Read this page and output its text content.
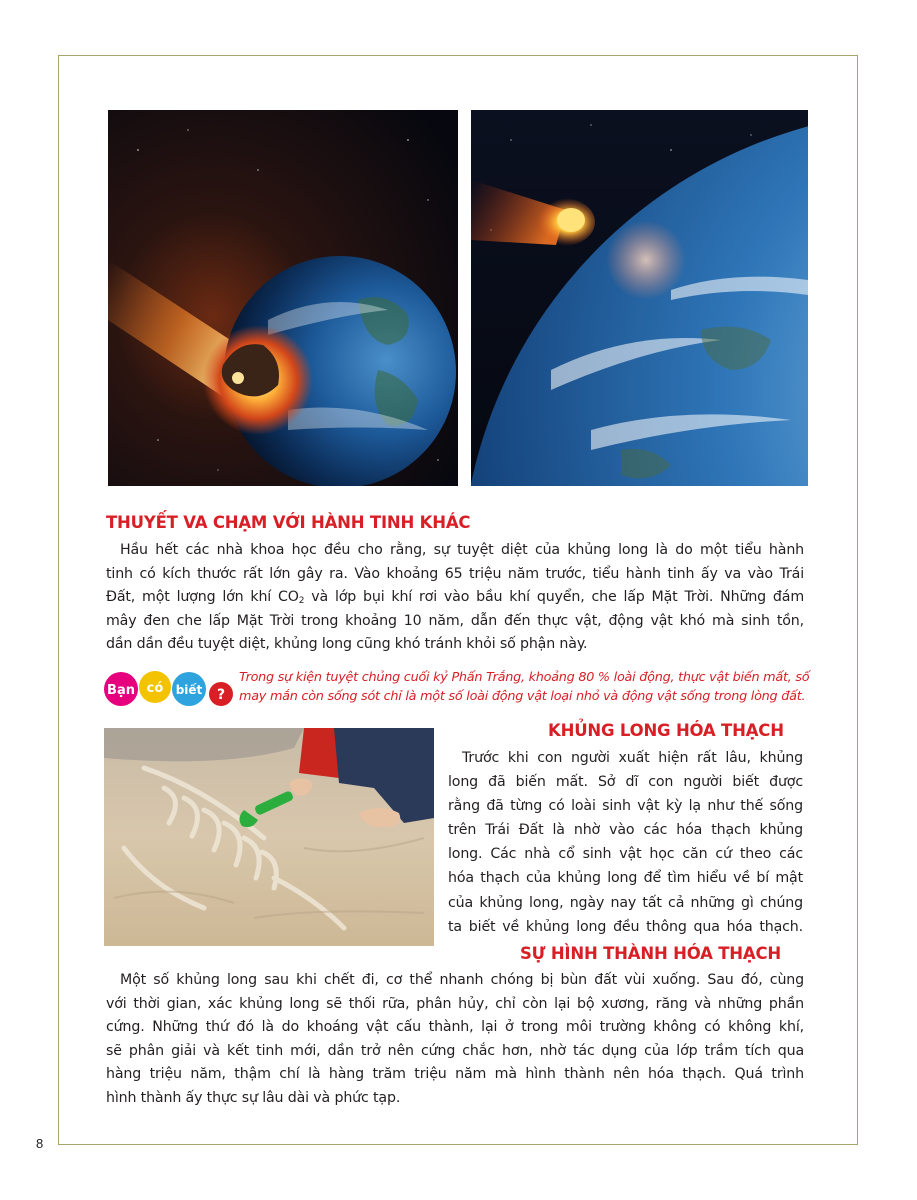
THUYẾT VA CHẠM VỚI HÀNH TINH KHÁC
Hầu hết các nhà khoa học đều cho rằng, sự tuyệt diệt của khủng long là do một tiểu hành
tinh có kích thước rất lớn gây ra. Vào khoảng 65 triệu năm trước, tiểu hành tinh ấy va vào Trái
Đất, một lượng lớn khí $CO_2$ và lớp bụi khí rơi vào bầu khí quyển, che lấp Mặt Trời. Những đám
mây đen che lấp Mặt Trời trong khoảng 10 năm, dẫn đến thực vật, động vật khó mà sinh tồn,
dần dần đều tuyệt diệt, khủng long cũng khó tránh khỏi số phận này.
Bạn có biết ?
Trong sự kiện tuyệt chủng cuối kỷ Phấn Trắng, khoảng 80 % loài động, thực vật biến mất, số
may mắn còn sống sót chỉ là một số loài động vật loại nhỏ và động vật sống trong lòng đất.
KHỦNG LONG HÓA THẠCH
Trước khi con người xuất hiện rất lâu, khủng
long đã biến mất. Sở dĩ con người biết được
rằng đã từng có loài sinh vật kỳ lạ như thế sống
trên Trái Đất là nhờ vào các hóa thạch khủng
long. Các nhà cổ sinh vật học căn cứ theo các
hóa thạch của khủng long để tìm hiểu về bí mật
của khủng long, ngày nay tất cả những gì chúng
ta biết về khủng long đều thông qua hóa thạch.
SỰ HÌNH THÀNH HÓA THẠCH
Một số khủng long sau khi chết đi, cơ thể nhanh chóng bị bùn đất vùi xuống. Sau đó, cùng
với thời gian, xác khủng long sẽ thối rữa, phân hủy, chỉ còn lại bộ xương, răng và những phần
cứng. Những thứ đó là do khoáng vật cấu thành, lại ở trong môi trường không có không khí,
sẽ phân giải và kết tinh mới, dần trở nên cứng chắc hơn, nhờ tác dụng của lớp trầm tích qua
hàng triệu năm, thậm chí là hàng trăm triệu năm mà hình thành nên hóa thạch. Quá trình
hình thành ấy thực sự lâu dài và phức tạp.
8
